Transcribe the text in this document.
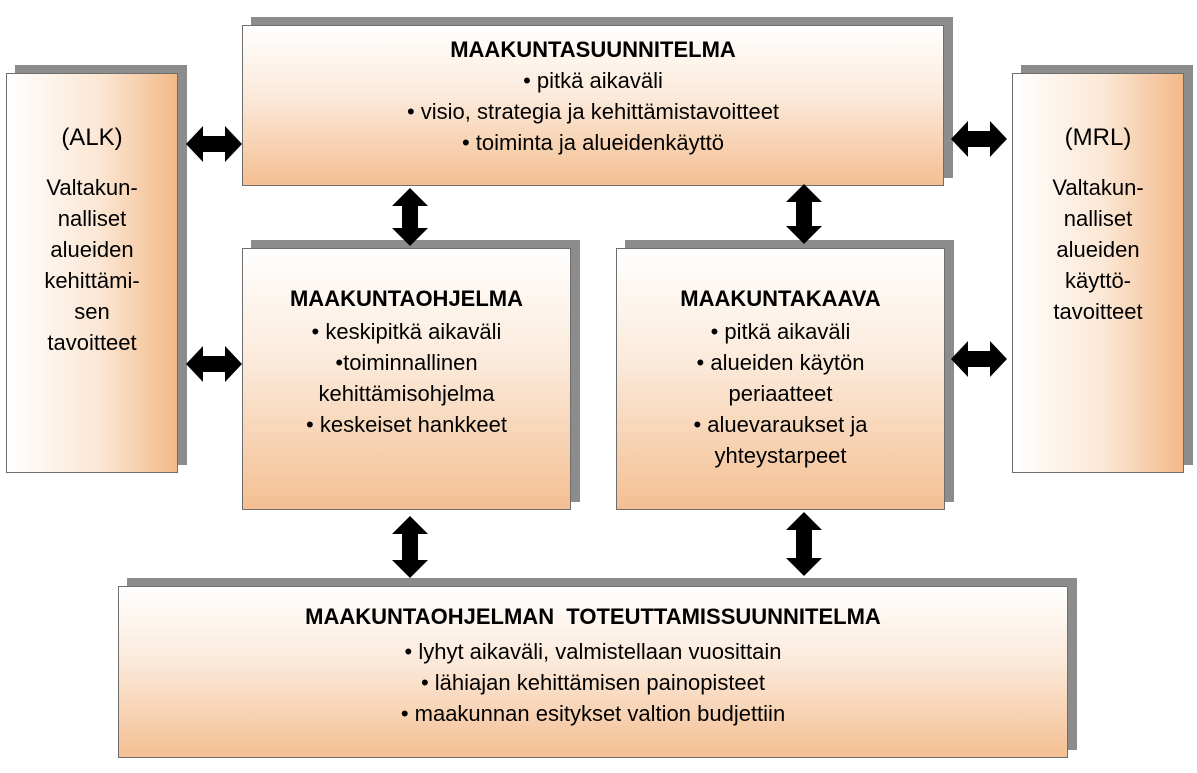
(ALK)
Valtakun-
nalliset
alueiden
kehittämi-
sen
tavoitteet
(MRL)
Valtakun-
nalliset
alueiden
käyttö-
tavoitteet
MAAKUNTASUUNNITELMA
• pitkä aikaväli
• visio, strategia ja kehittämistavoitteet
• toiminta ja alueidenkäyttö
MAAKUNTAOHJELMA
• keskipitkä aikaväli
•toiminnallinen
kehittämisohjelma
• keskeiset hankkeet
MAAKUNTAKAAVA
• pitkä aikaväli
• alueiden käytön
periaatteet
• aluevaraukset ja
yhteystarpeet
MAAKUNTAOHJELMAN  TOTEUTTAMISSUUNNITELMA
• lyhyt aikaväli, valmistellaan vuosittain
• lähiajan kehittämisen painopisteet
• maakunnan esitykset valtion budjettiin
